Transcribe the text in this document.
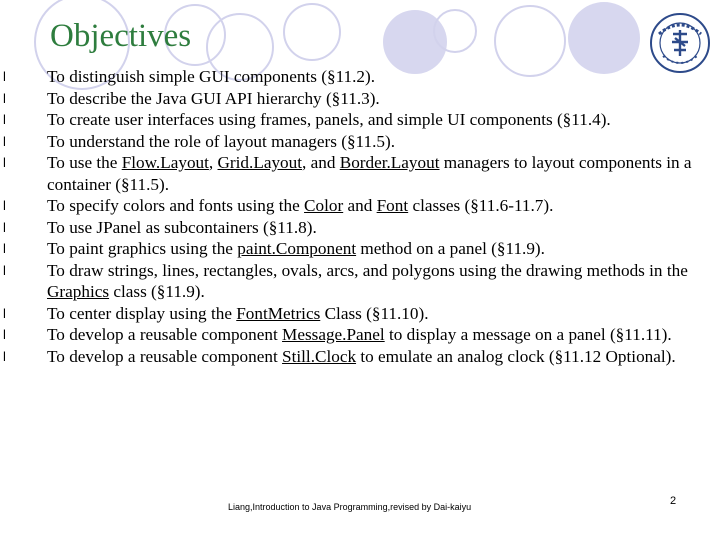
Objectives
l To distinguish simple GUI components (§11.2).
l To describe the Java GUI API hierarchy (§11.3).
l To create user interfaces using frames, panels, and simple UI components (§11.4).
l To understand the role of layout managers (§11.5).
l To use the Flow.Layout, Grid.Layout, and Border.Layout managers to layout components in a container (§11.5).
l To specify colors and fonts using the Color and Font classes (§11.6-11.7).
l To use JPanel as subcontainers (§11.8).
l To paint graphics using the paint.Component method on a panel (§11.9).
l To draw strings, lines, rectangles, ovals, arcs, and polygons using the drawing methods in the Graphics class (§11.9).
l To center display using the FontMetrics Class (§11.10).
l To develop a reusable component Message.Panel to display a message on a panel (§11.11).
l To develop a reusable component Still.Clock to emulate an analog clock (§11.12 Optional).
Liang,Introduction to Java Programming,revised by Dai-kaiyu	2
